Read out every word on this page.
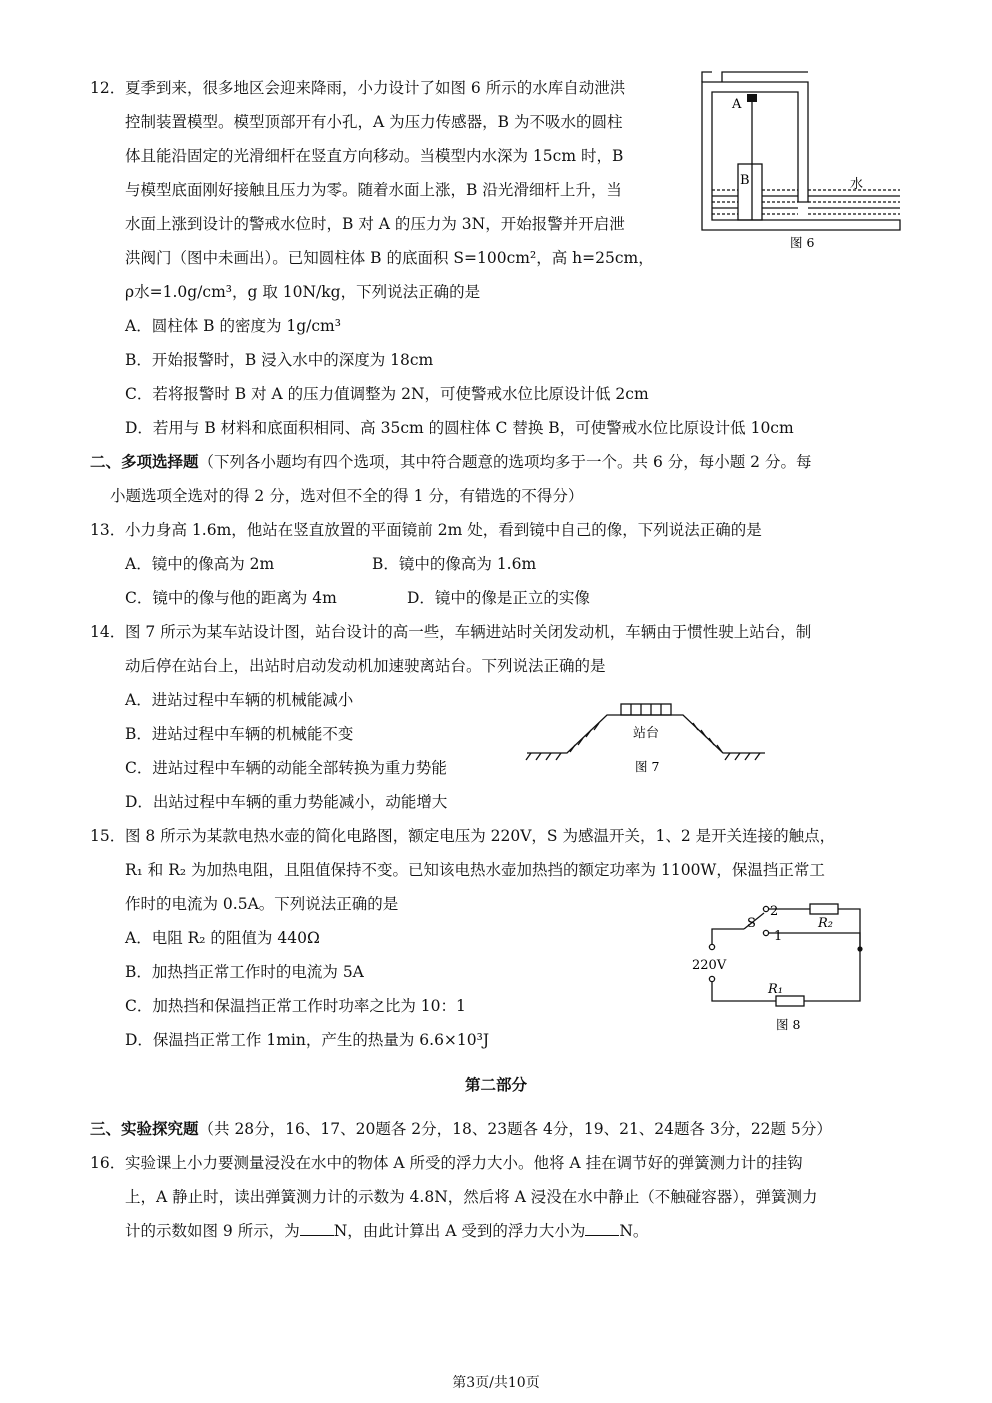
12． 夏季到来，很多地区会迎来降雨，小力设计了如图 6 所示的水库自动泄洪
控制装置模型。模型顶部开有小孔，A 为压力传感器，B 为不吸水的圆柱
体且能沿固定的光滑细杆在竖直方向移动。当模型内水深为 15cm 时，B
与模型底面刚好接触且压力为零。随着水面上涨，B 沿光滑细杆上升，当
水面上涨到设计的警戒水位时，B 对 A 的压力为 3N，开始报警并开启泄
洪阀门（图中未画出）。已知圆柱体 B 的底面积 S=100cm²，高 h=25cm，
ρ水=1.0g/cm³，g 取 10N/kg，下列说法正确的是
A．圆柱体 B 的密度为 1g/cm³
B．开始报警时，B 浸入水中的深度为 18cm
C．若将报警时 B 对 A 的压力值调整为 2N，可使警戒水位比原设计低 2cm
D．若用与 B 材料和底面积相同、高 35cm 的圆柱体 C 替换 B，可使警戒水位比原设计低 10cm
A
B	水
图 6
二、多项选择题（下列各小题均有四个选项，其中符合题意的选项均多于一个。共 6 分，每小题 2 分。每
小题选项全选对的得 2 分，选对但不全的得 1 分，有错选的不得分）
13． 小力身高 1.6m，他站在竖直放置的平面镜前 2m 处，看到镜中自己的像，下列说法正确的是
A．镜中的像高为 2m	B．镜中的像高为 1.6m
C．镜中的像与他的距离为 4m	D．镜中的像是正立的实像
14． 图 7 所示为某车站设计图，站台设计的高一些，车辆进站时关闭发动机，车辆由于惯性驶上站台，制
动后停在站台上，出站时启动发动机加速驶离站台。下列说法正确的是
A．进站过程中车辆的机械能减小
B．进站过程中车辆的机械能不变
C．进站过程中车辆的动能全部转换为重力势能
D．出站过程中车辆的重力势能减小，动能增大
站台
图 7
15． 图 8 所示为某款电热水壶的简化电路图，额定电压为 220V，S 为感温开关，1、2 是开关连接的触点，
R₁ 和 R₂ 为加热电阻，且阻值保持不变。已知该电热水壶加热挡的额定功率为 1100W，保温挡正常工
作时的电流为 0.5A。下列说法正确的是
A．电阻 R₂ 的阻值为 440Ω
B．加热挡正常工作时的电流为 5A
C．加热挡和保温挡正常工作时功率之比为 10：1
D．保温挡正常工作 1min，产生的热量为 6.6×10³J
S
2
1
R₂
R₁
220V
图 8
第二部分
三、实验探究题（共 28分，16、17、20题各 2分，18、23题各 4分，19、21、24题各 3分，22题 5分）
16． 实验课上小力要测量浸没在水中的物体 A 所受的浮力大小。他将 A 挂在调节好的弹簧测力计的挂钩
上，A 静止时，读出弹簧测力计的示数为 4.8N，然后将 A 浸没在水中静止（不触碰容器），弹簧测力
计的示数如图 9 所示，为 N，由此计算出 A 受到的浮力大小为 N。
第3页/共10页
